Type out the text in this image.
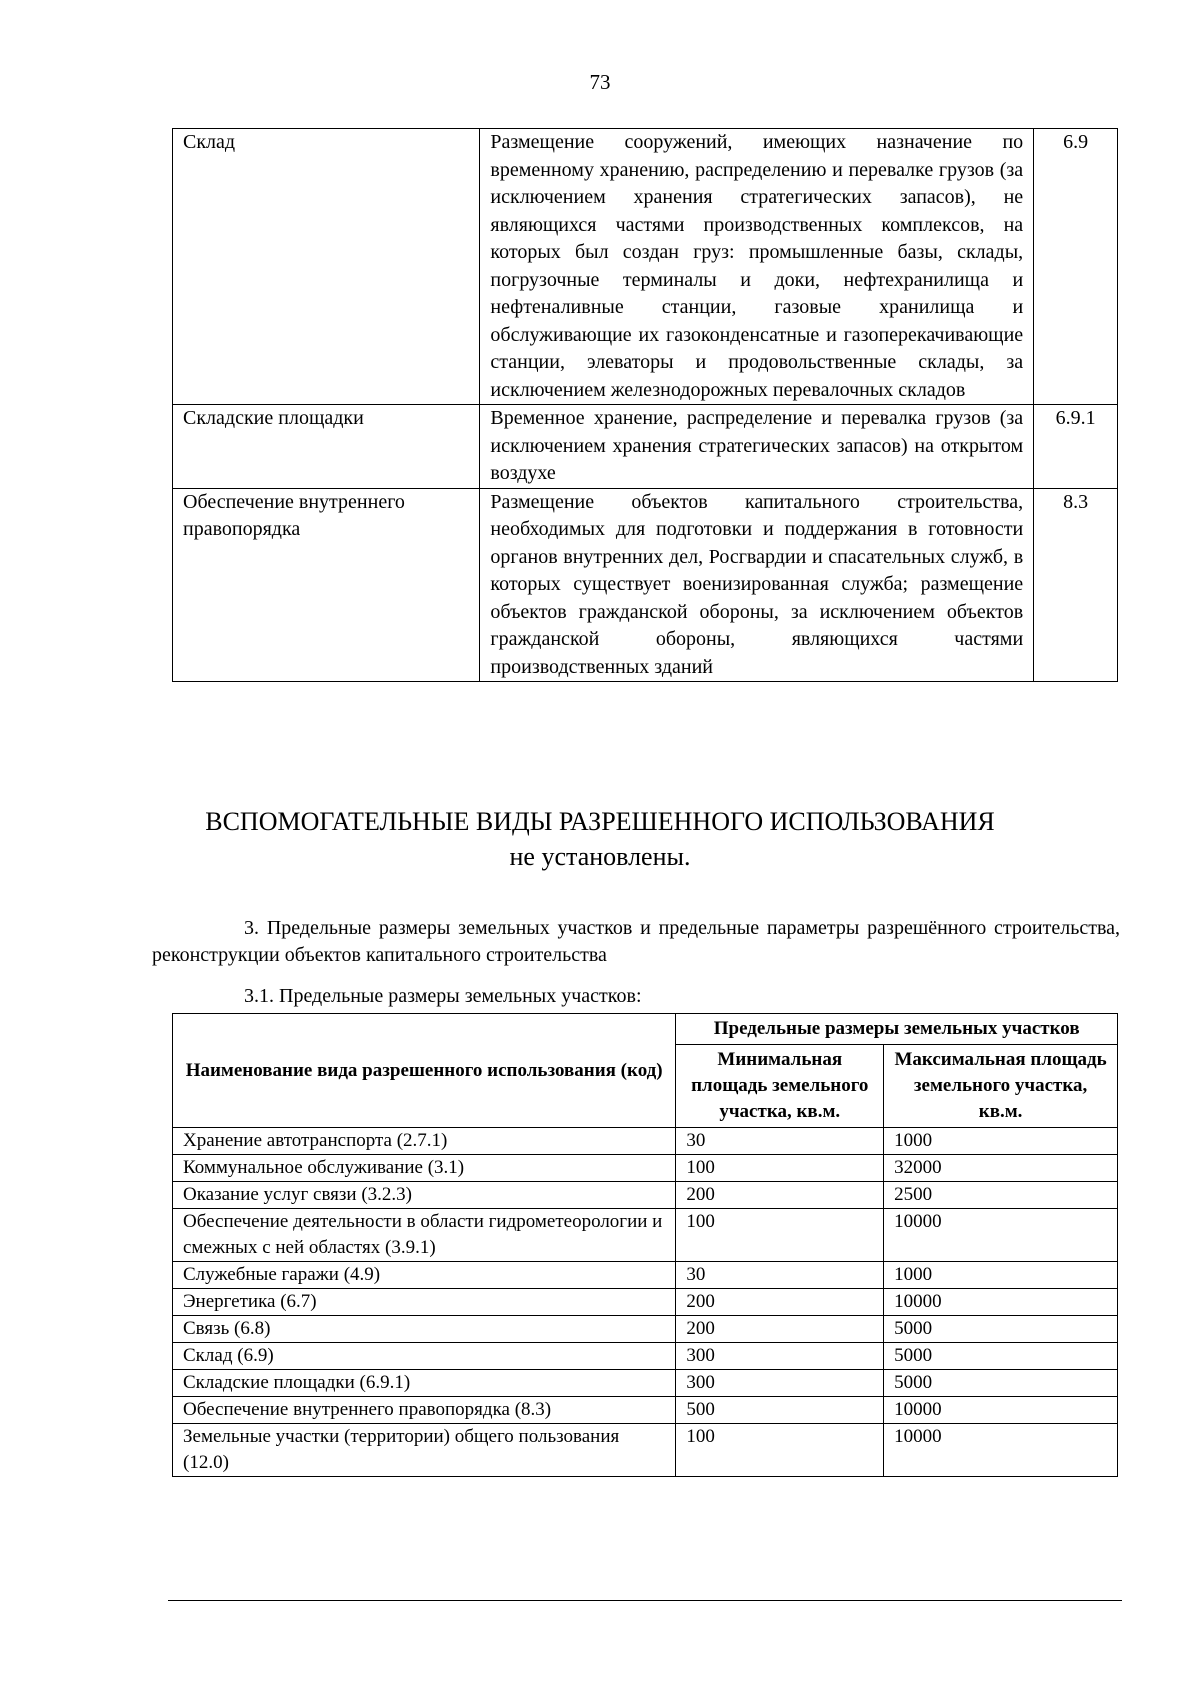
73
Склад	Размещение сооружений, имеющих назначение по временному хранению, распределению и перевалке грузов (за исключением хранения стратегических запасов), не являющихся частями производственных комплексов, на которых был создан груз: промышленные базы, склады, погрузочные терминалы и доки, нефтехранилища и нефтеналивные станции, газовые хранилища и обслуживающие их газоконденсатные и газоперекачивающие станции, элеваторы и продовольственные склады, за исключением железнодорожных перевалочных складов	6.9
Складские площадки	Временное хранение, распределение и перевалка грузов (за исключением хранения стратегических запасов) на открытом воздухе	6.9.1
Обеспечение внутреннего правопорядка	Размещение объектов капитального строительства, необходимых для подготовки и поддержания в готовности органов внутренних дел, Росгвардии и спасательных служб, в которых существует военизированная служба; размещение объектов гражданской обороны, за исключением объектов гражданской обороны, являющихся частями производственных зданий	8.3
ВСПОМОГАТЕЛЬНЫЕ ВИДЫ РАЗРЕШЕННОГО ИСПОЛЬЗОВАНИЯ
не установлены.
3. Предельные размеры земельных участков и предельные параметры разрешённого строительства, реконструкции объектов капитального строительства
3.1. Предельные размеры земельных участков:
Наименование вида разрешенного использования (код)	Предельные размеры земельных участков	
	Минимальная площадь земельного участка, кв.м.	Максимальная площадь земельного участка, кв.м.
Хранение автотранспорта (2.7.1)	30	1000
Коммунальное обслуживание (3.1)	100	32000
Оказание услуг связи (3.2.3)	200	2500
Обеспечение деятельности в области гидрометеорологии и смежных с ней областях (3.9.1)	100	10000
Служебные гаражи (4.9)	30	1000
Энергетика (6.7)	200	10000
Связь (6.8)	200	5000
Склад (6.9)	300	5000
Складские площадки (6.9.1)	300	5000
Обеспечение внутреннего правопорядка (8.3)	500	10000
Земельные участки (территории) общего пользования (12.0)	100	10000
